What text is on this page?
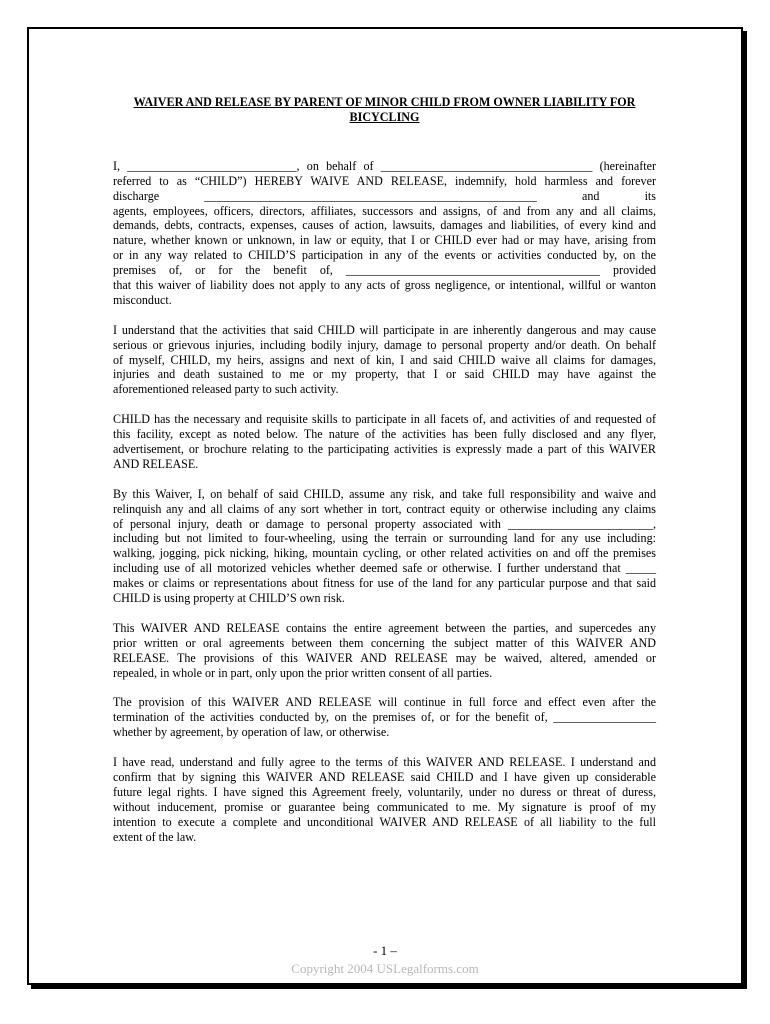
WAIVER AND RELEASE BY PARENT OF MINOR CHILD FROM OWNER LIABILITY FOR
BICYCLING
I, ____________________________, on behalf of ___________________________________ (hereinafter
referred to as “CHILD”) HEREBY WAIVE AND RELEASE, indemnify, hold harmless and forever
discharge _______________________________________________________ and its
agents, employees, officers, directors, affiliates, successors and assigns, of and from any and all claims,
demands, debts, contracts, expenses, causes of action, lawsuits, damages and liabilities, of every kind and
nature, whether known or unknown, in law or equity, that I or CHILD ever had or may have, arising from
or in any way related to CHILD’S participation in any of the events or activities conducted by, on the
premises of, or for the benefit of, __________________________________________ provided
that this waiver of liability does not apply to any acts of gross negligence, or intentional, willful or wanton
misconduct.
I understand that the activities that said CHILD will participate in are inherently dangerous and may cause
serious or grievous injuries, including bodily injury, damage to personal property and/or death. On behalf
of myself, CHILD, my heirs, assigns and next of kin, I and said CHILD waive all claims for damages,
injuries and death sustained to me or my property, that I or said CHILD may have against the
aforementioned released party to such activity.
CHILD has the necessary and requisite skills to participate in all facets of, and activities of and requested of
this facility, except as noted below. The nature of the activities has been fully disclosed and any flyer,
advertisement, or brochure relating to the participating activities is expressly made a part of this WAIVER
AND RELEASE.
By this Waiver, I, on behalf of said CHILD, assume any risk, and take full responsibility and waive and
relinquish any and all claims of any sort whether in tort, contract equity or otherwise including any claims
of personal injury, death or damage to personal property associated with ________________________,
including but not limited to four-wheeling, using the terrain or surrounding land for any use including:
walking, jogging, pick nicking, hiking, mountain cycling, or other related activities on and off the premises
including use of all motorized vehicles whether deemed safe or otherwise. I further understand that _____
makes or claims or representations about fitness for use of the land for any particular purpose and that said
CHILD is using property at CHILD’S own risk.
This WAIVER AND RELEASE contains the entire agreement between the parties, and supercedes any
prior written or oral agreements between them concerning the subject matter of this WAIVER AND
RELEASE. The provisions of this WAIVER AND RELEASE may be waived, altered, amended or
repealed, in whole or in part, only upon the prior written consent of all parties.
The provision of this WAIVER AND RELEASE will continue in full force and effect even after the
termination of the activities conducted by, on the premises of, or for the benefit of, _________________
whether by agreement, by operation of law, or otherwise.
I have read, understand and fully agree to the terms of this WAIVER AND RELEASE. I understand and
confirm that by signing this WAIVER AND RELEASE said CHILD and I have given up considerable
future legal rights. I have signed this Agreement freely, voluntarily, under no duress or threat of duress,
without inducement, promise or guarantee being communicated to me. My signature is proof of my
intention to execute a complete and unconditional WAIVER AND RELEASE of all liability to the full
extent of the law.
- 1 –
Copyright 2004 USLegalforms.com
